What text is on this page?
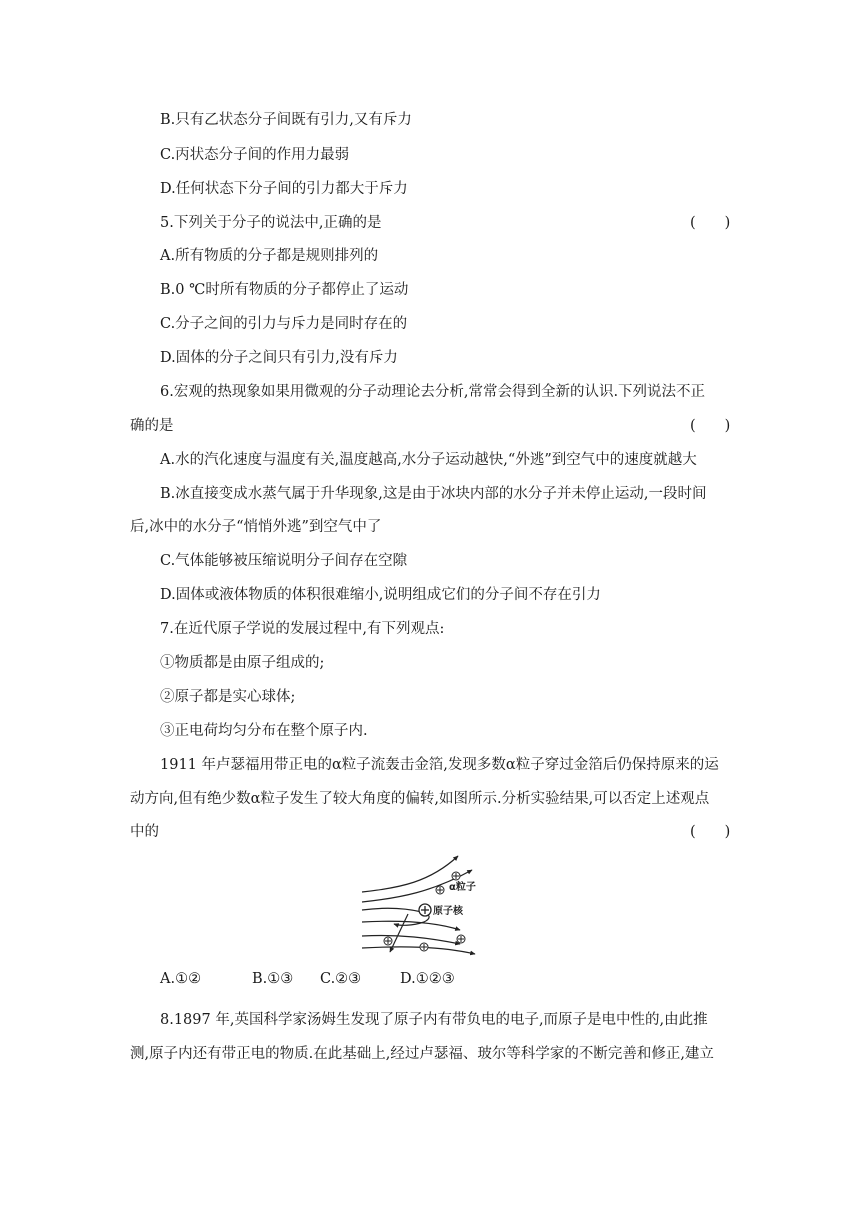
B.只有乙状态分子间既有引力,又有斥力
C.丙状态分子间的作用力最弱
D.任何状态下分子间的引力都大于斥力
5.下列关于分子的说法中,正确的是	(　　)
A.所有物质的分子都是规则排列的
B.0 ℃时所有物质的分子都停止了运动
C.分子之间的引力与斥力是同时存在的
D.固体的分子之间只有引力,没有斥力
6.宏观的热现象如果用微观的分子动理论去分析,常常会得到全新的认识.下列说法不正
确的是	(　　)
A.水的汽化速度与温度有关,温度越高,水分子运动越快,“外逃”到空气中的速度就越大
B.冰直接变成水蒸气属于升华现象,这是由于冰块内部的水分子并未停止运动,一段时间
后,冰中的水分子“悄悄外逃”到空气中了
C.气体能够被压缩说明分子间存在空隙
D.固体或液体物质的体积很难缩小,说明组成它们的分子间不存在引力
7.在近代原子学说的发展过程中,有下列观点:
①物质都是由原子组成的;
②原子都是实心球体;
③正电荷均匀分布在整个原子内.
1911 年卢瑟福用带正电的α粒子流轰击金箔,发现多数α粒子穿过金箔后仍保持原来的运
动方向,但有绝少数α粒子发生了较大角度的偏转,如图所示.分析实验结果,可以否定上述观点
中的	(　　)
α粒子
原子核
A.①②	B.①③ C.②③	D.①②③
8.1897 年,英国科学家汤姆生发现了原子内有带负电的电子,而原子是电中性的,由此推
测,原子内还有带正电的物质.在此基础上,经过卢瑟福、玻尔等科学家的不断完善和修正,建立
